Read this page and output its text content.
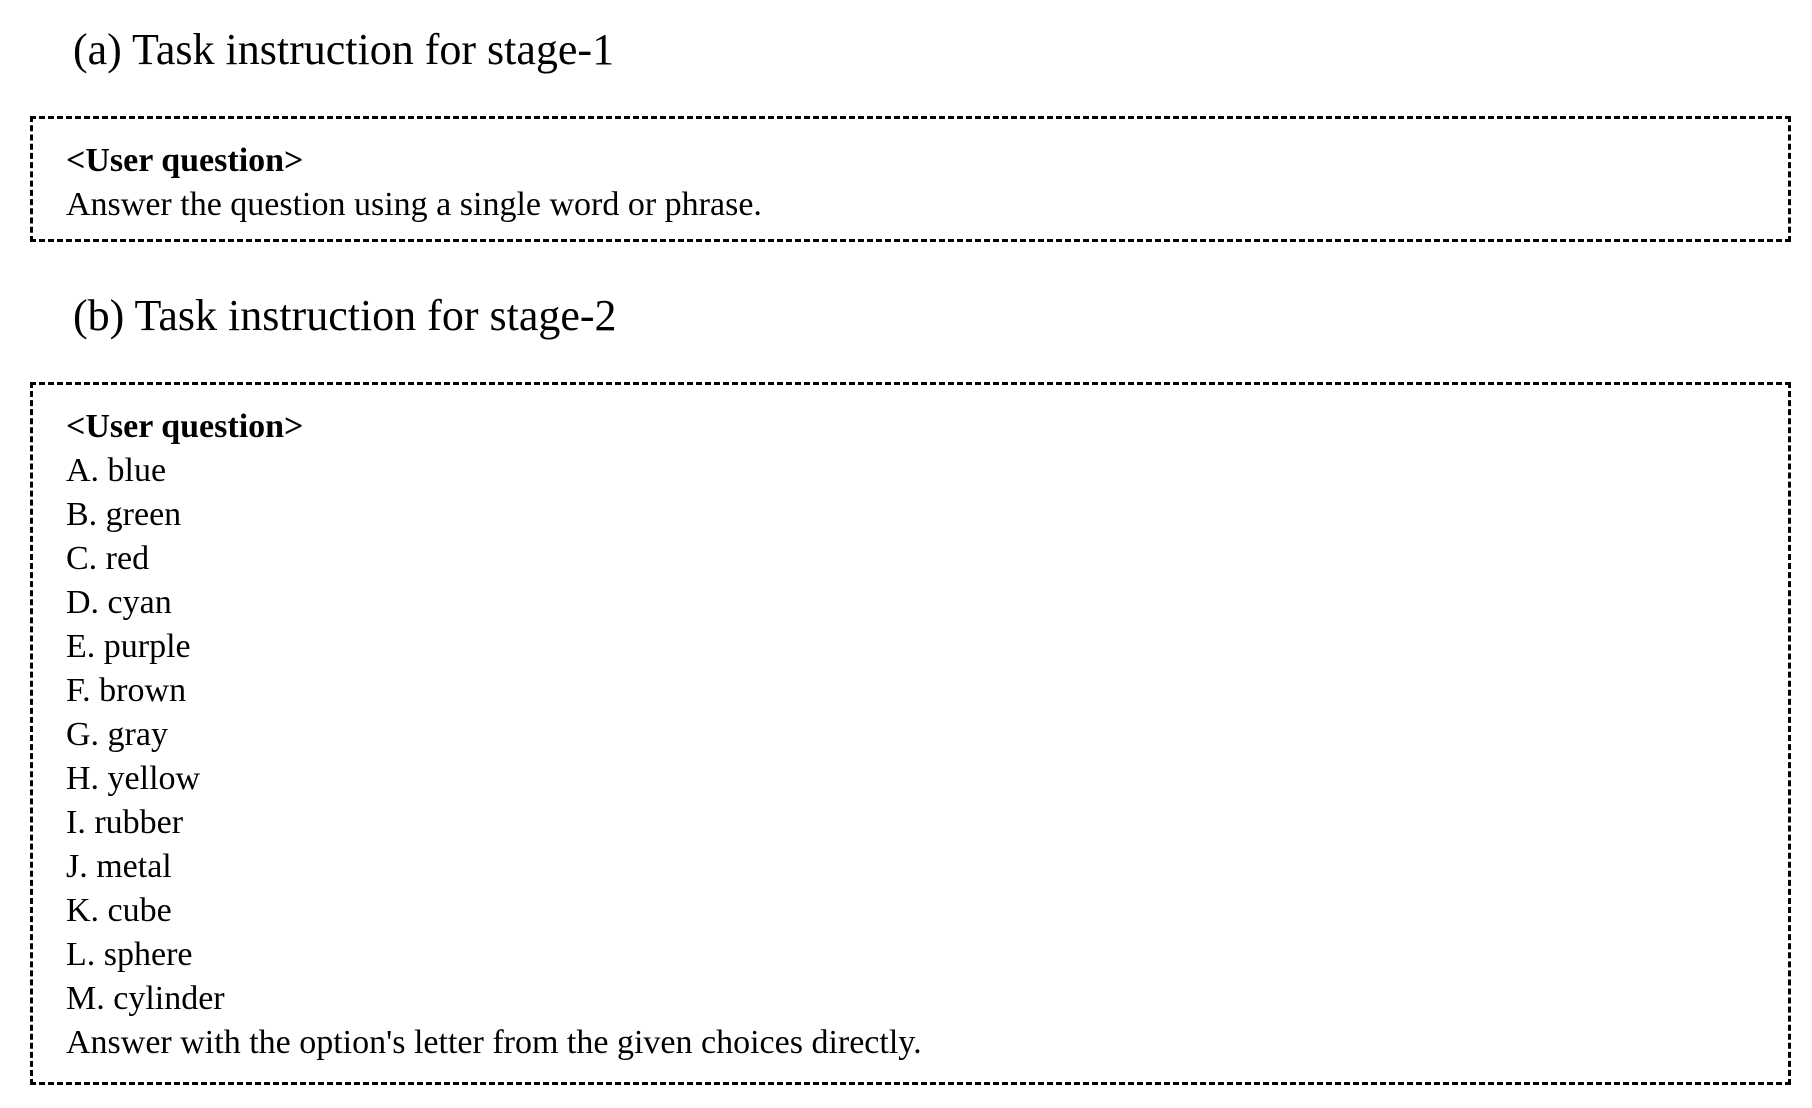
(a) Task instruction for stage-1
<User question>
Answer the question using a single word or phrase.
(b) Task instruction for stage-2
<User question>
A. blue
B. green
C. red
D. cyan
E. purple
F. brown
G. gray
H. yellow
I. rubber
J. metal
K. cube
L. sphere
M. cylinder
Answer with the option's letter from the given choices directly.
